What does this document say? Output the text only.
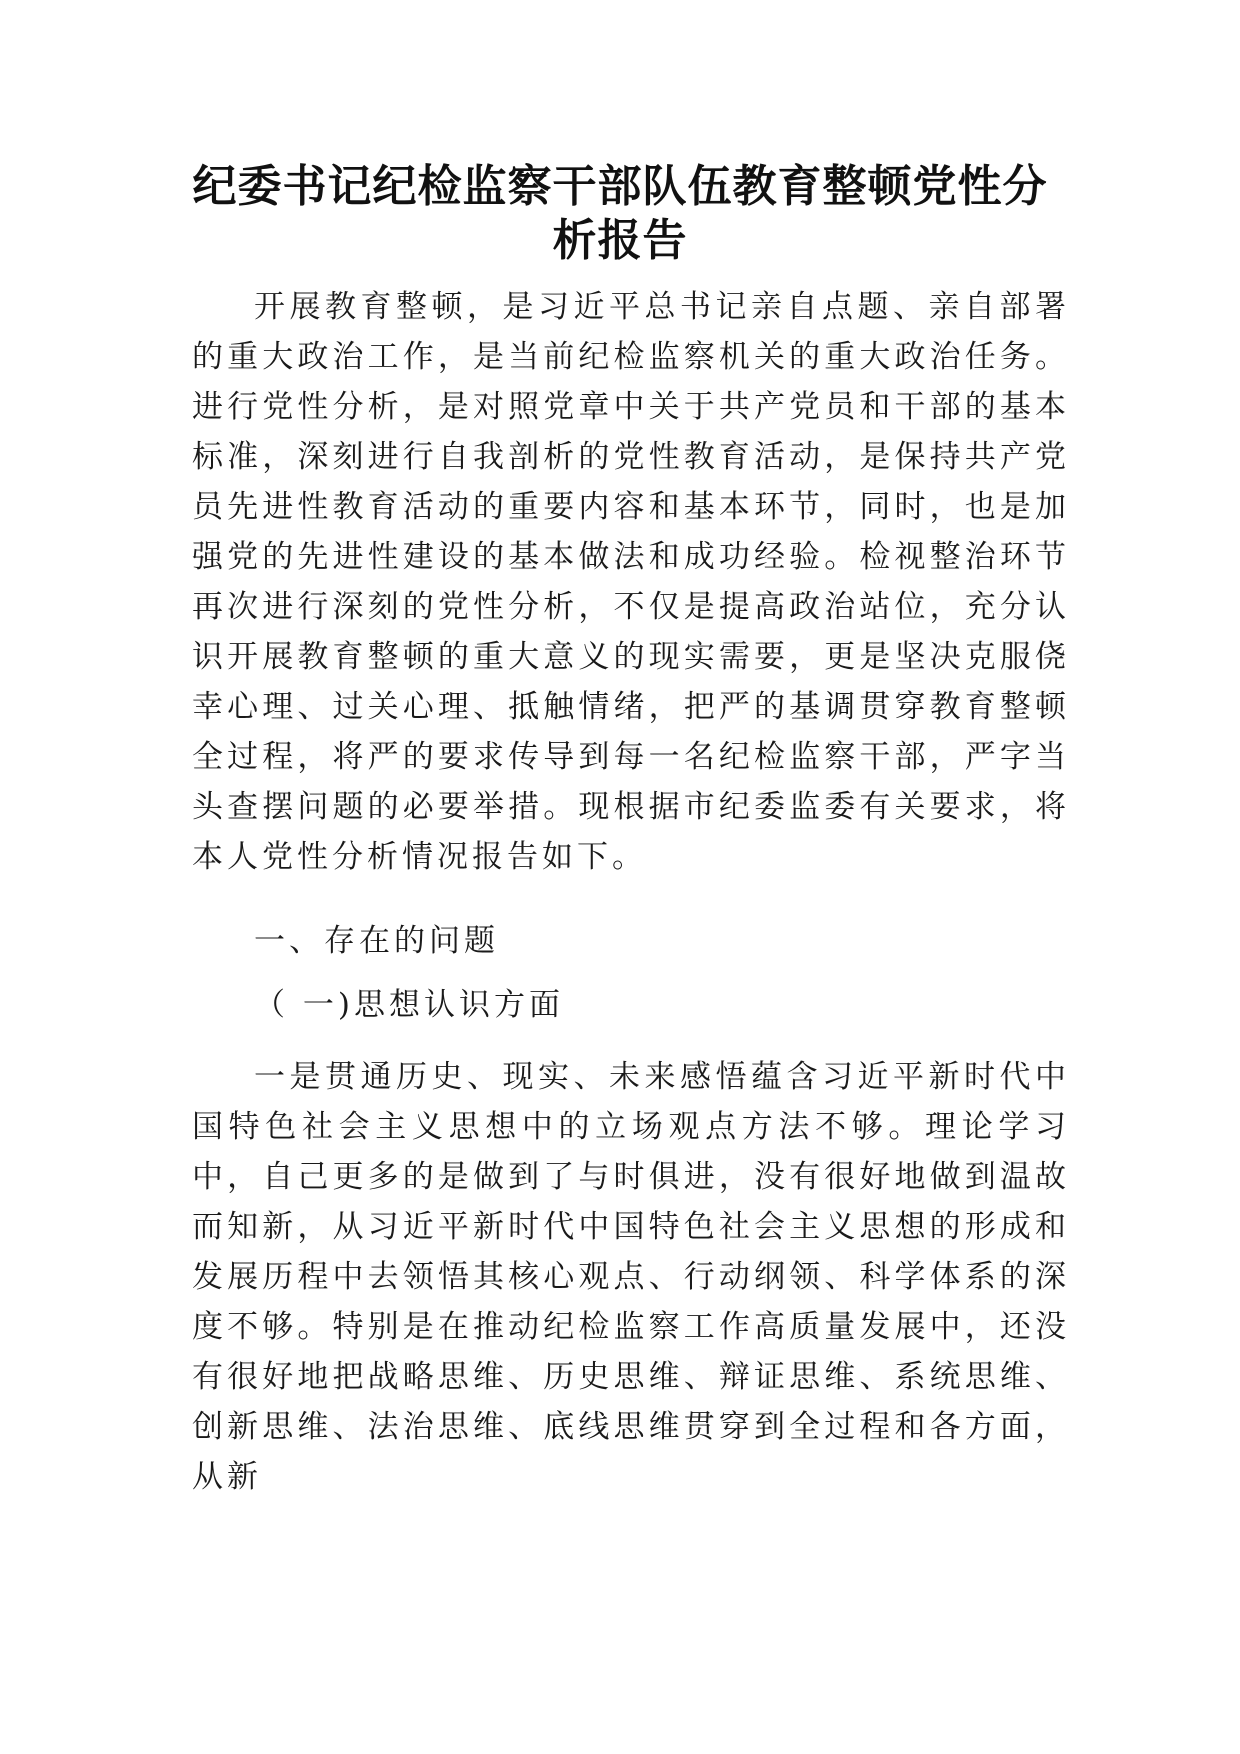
纪委书记纪检监察干部队伍教育整顿党性分析报告

开展教育整顿，是习近平总书记亲自点题、亲自部署的重大政治工作，是当前纪检监察机关的重大政治任务。进行党性分析，是对照党章中关于共产党员和干部的基本标准，深刻进行自我剖析的党性教育活动，是保持共产党员先进性教育活动的重要内容和基本环节，同时，也是加强党的先进性建设的基本做法和成功经验。检视整治环节再次进行深刻的党性分析，不仅是提高政治站位，充分认识开展教育整顿的重大意义的现实需要，更是坚决克服侥幸心理、过关心理、抵触情绪，把严的基调贯穿教育整顿全过程，将严的要求传导到每一名纪检监察干部，严字当头查摆问题的必要举措。现根据市纪委监委有关要求，将本人党性分析情况报告如下。

一、存在的问题

（ 一)思想认识方面

一是贯通历史、现实、未来感悟蕴含习近平新时代中国特色社会主义思想中的立场观点方法不够。理论学习中，自己更多的是做到了与时俱进，没有很好地做到温故而知新，从习近平新时代中国特色社会主义思想的形成和发展历程中去领悟其核心观点、行动纲领、科学体系的深度不够。特别是在推动纪检监察工作高质量发展中，还没有很好地把战略思维、历史思维、辩证思维、系统思维、创新思维、法治思维、底线思维贯穿到全过程和各方面，从新
